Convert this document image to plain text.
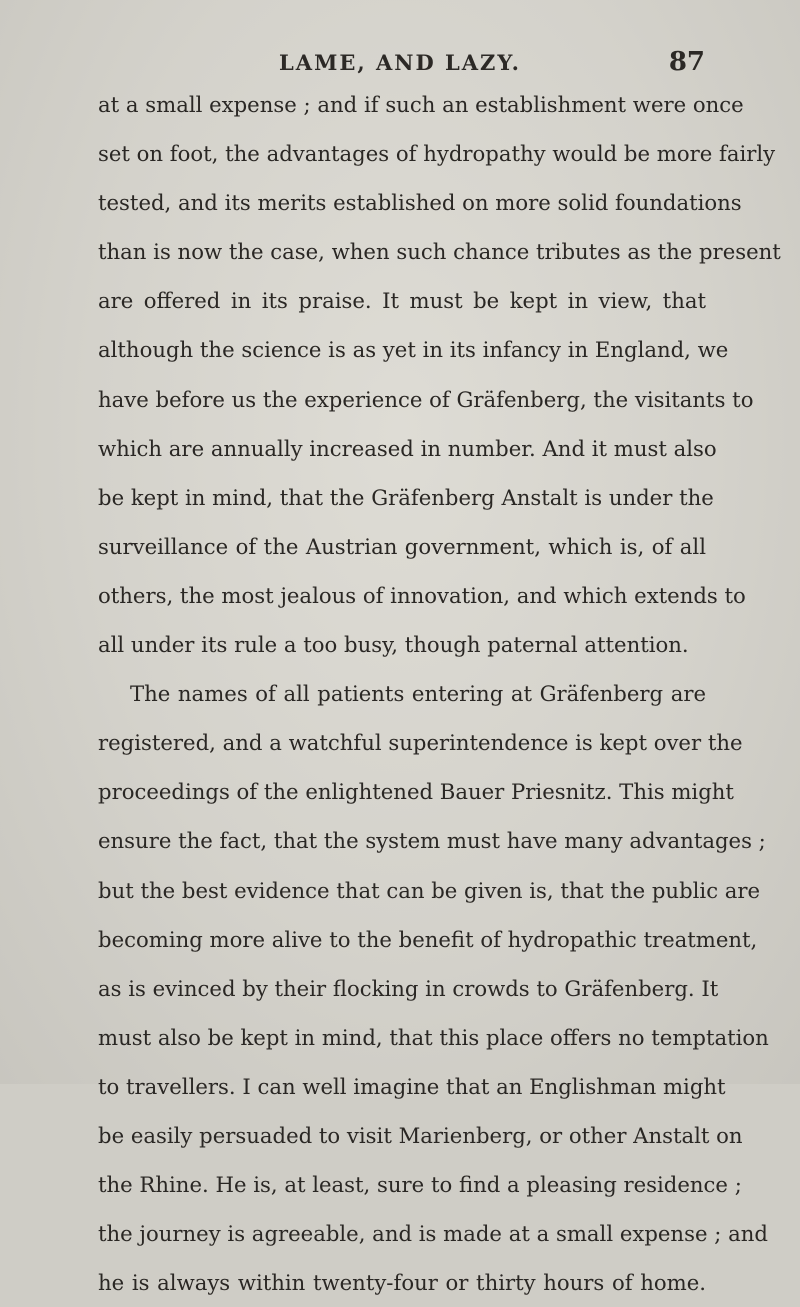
LAME, AND LAZY.	87
at a small expense ; and if such an establishment were once
set on foot, the advantages of hydropathy would be more fairly
tested, and its merits established on more solid foundations
than is now the case, when such chance tributes as the present
are offered in its praise. It must be kept in view, that
although the science is as yet in its infancy in England, we
have before us the experience of Gräfenberg, the visitants to
which are annually increased in number. And it must also
be kept in mind, that the Gräfenberg Anstalt is under the
surveillance of the Austrian government, which is, of all
others, the most jealous of innovation, and which extends to
all under its rule a too busy, though paternal attention.
The names of all patients entering at Gräfenberg are
registered, and a watchful superintendence is kept over the
proceedings of the enlightened Bauer Priesnitz. This might
ensure the fact, that the system must have many advantages ;
but the best evidence that can be given is, that the public are
becoming more alive to the benefit of hydropathic treatment,
as is evinced by their flocking in crowds to Gräfenberg. It
must also be kept in mind, that this place offers no temptation
to travellers. I can well imagine that an Englishman might
be easily persuaded to visit Marienberg, or other Anstalt on
the Rhine. He is, at least, sure to find a pleasing residence ;
the journey is agreeable, and is made at a small expense ; and
he is always within twenty-four or thirty hours of home.
